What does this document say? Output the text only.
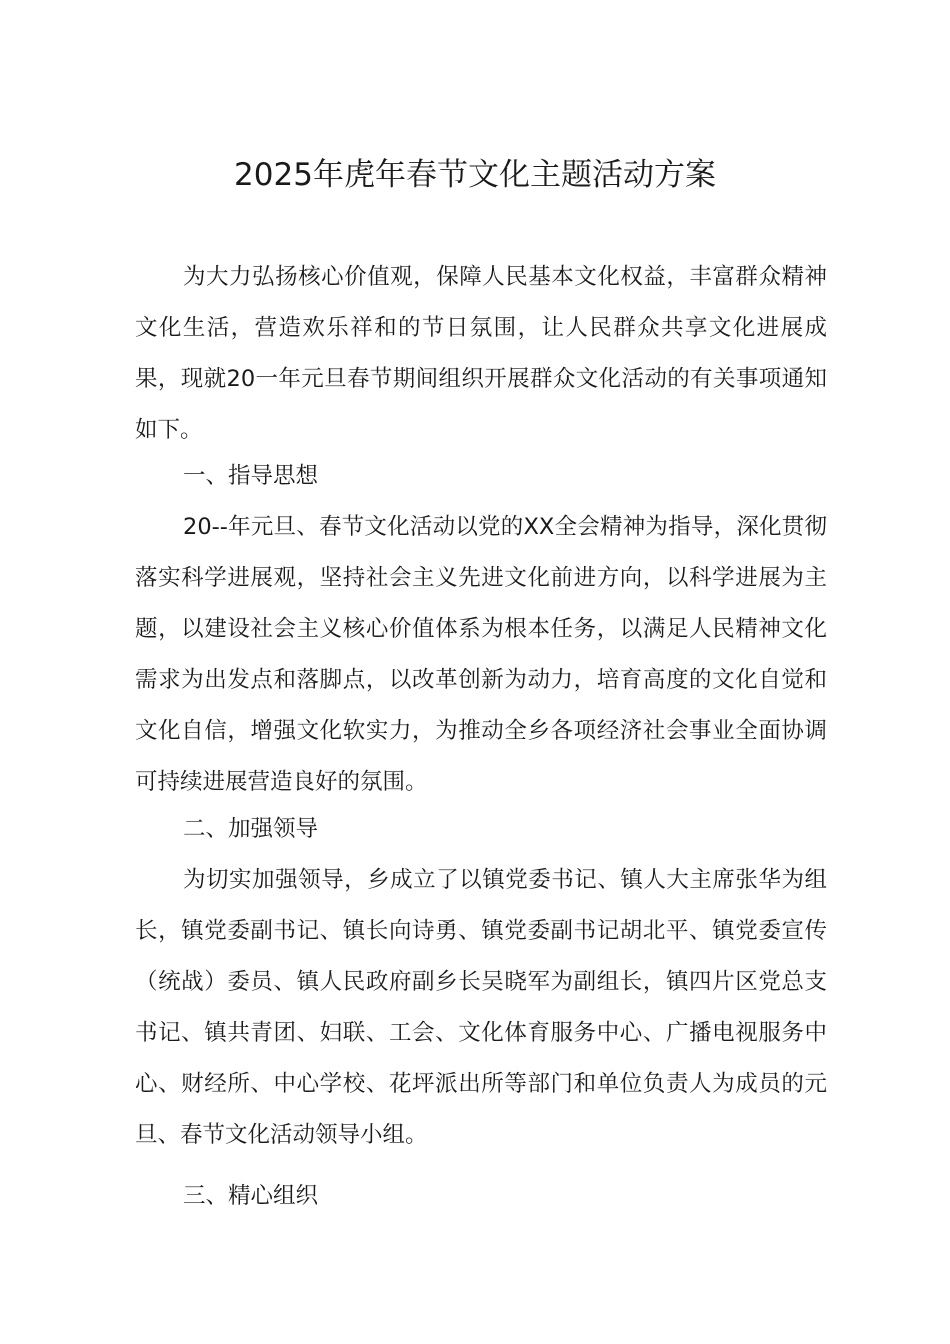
2025年虎年春节文化主题活动方案

为大力弘扬核心价值观，保障人民基本文化权益，丰富群众精神文化生活，营造欢乐祥和的节日氛围，让人民群众共享文化进展成果，现就20一年元旦春节期间组织开展群众文化活动的有关事项通知如下。

一、指导思想

20--年元旦、春节文化活动以党的XX全会精神为指导，深化贯彻落实科学进展观，坚持社会主义先进文化前进方向，以科学进展为主题，以建设社会主义核心价值体系为根本任务，以满足人民精神文化需求为出发点和落脚点，以改革创新为动力，培育高度的文化自觉和文化自信，增强文化软实力，为推动全乡各项经济社会事业全面协调可持续进展营造良好的氛围。

二、加强领导

为切实加强领导，乡成立了以镇党委书记、镇人大主席张华为组长，镇党委副书记、镇长向诗勇、镇党委副书记胡北平、镇党委宣传（统战）委员、镇人民政府副乡长吴晓军为副组长，镇四片区党总支书记、镇共青团、妇联、工会、文化体育服务中心、广播电视服务中心、财经所、中心学校、花坪派出所等部门和单位负责人为成员的元旦、春节文化活动领导小组。

三、精心组织
